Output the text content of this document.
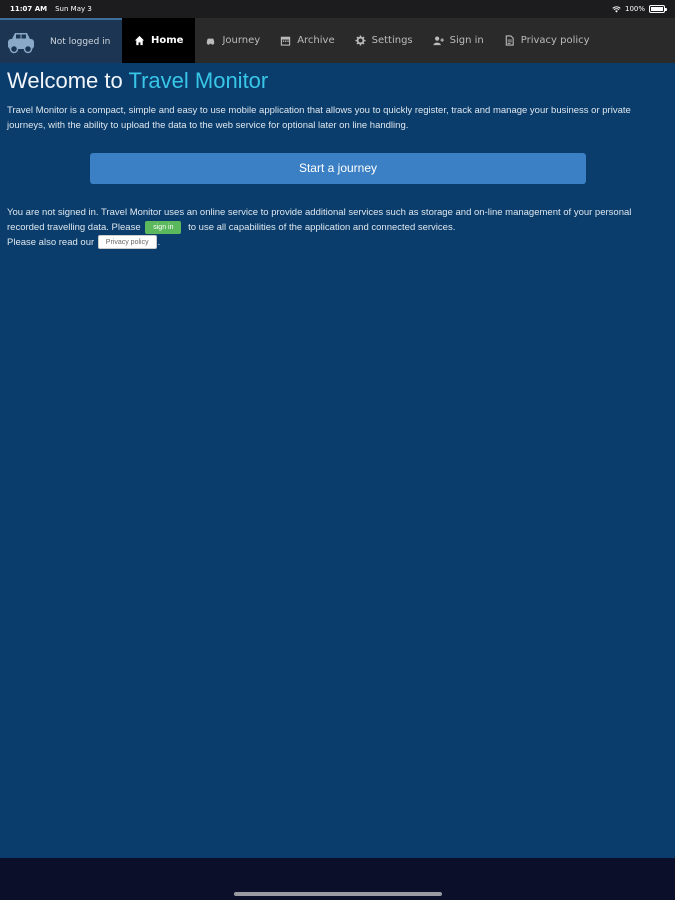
11:07 AM Sun May 3	100%
Not logged in	Home	Journey	Archive	Settings	Sign in	Privacy policy
Welcome to Travel Monitor

Travel Monitor is a compact, simple and easy to use mobile application that allows you to quickly register, track and manage your business or private journeys, with the ability to upload the data to the web service for optional later on line handling.

Start a journey

You are not signed in. Travel Monitor uses an online service to provide additional services such as storage and on-line management of your personal recorded travelling data. Please sign in to use all capabilities of the application and connected services.
Please also read our Privacy policy .
